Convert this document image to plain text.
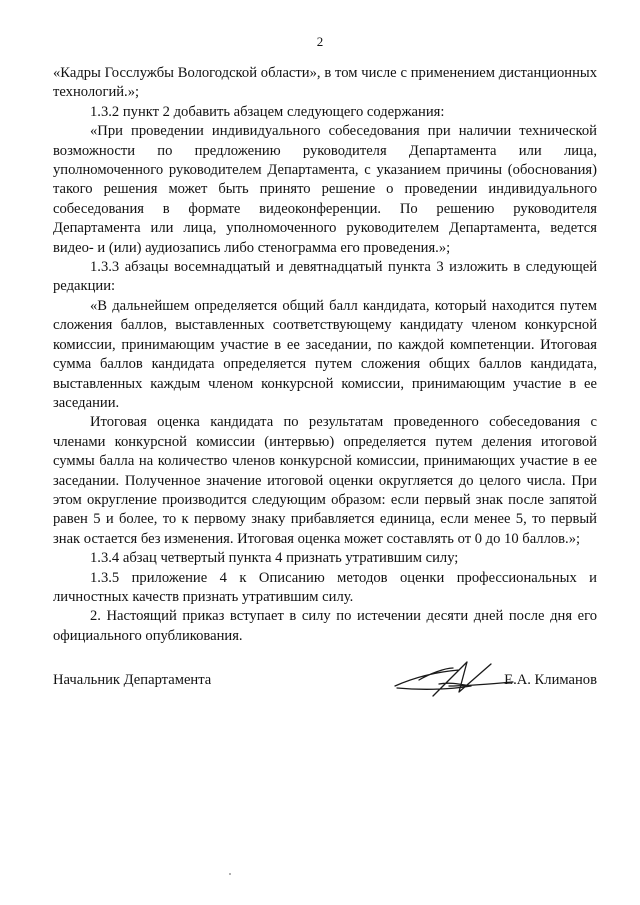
2

«Кадры Госслужбы Вологодской области», в том числе с применением дистанционных технологий.»;

1.3.2 пункт 2 добавить абзацем следующего содержания:

«При проведении индивидуального собеседования при наличии технической возможности по предложению руководителя Департамента или лица, уполномоченного руководителем Департамента, с указанием причины (обоснования) такого решения может быть принято решение о проведении индивидуального собеседования в формате видеоконференции. По решению руководителя Департамента или лица, уполномоченного руководителем Департамента, ведется видео- и (или) аудиозапись либо стенограмма его проведения.»;

1.3.3 абзацы восемнадцатый и девятнадцатый пункта 3 изложить в следующей редакции:

«В дальнейшем определяется общий балл кандидата, который находится путем сложения баллов, выставленных соответствующему кандидату членом конкурсной комиссии, принимающим участие в ее заседании, по каждой компетенции. Итоговая сумма баллов кандидата определяется путем сложения общих баллов кандидата, выставленных каждым членом конкурсной комиссии, принимающим участие в ее заседании.

Итоговая оценка кандидата по результатам проведенного собеседования с членами конкурсной комиссии (интервью) определяется путем деления итоговой суммы балла на количество членов конкурсной комиссии, принимающих участие в ее заседании. Полученное значение итоговой оценки округляется до целого числа. При этом округление производится следующим образом: если первый знак после запятой равен 5 и более, то к первому знаку прибавляется единица, если менее 5, то первый знак остается без изменения. Итоговая оценка может составлять от 0 до 10 баллов.»;

1.3.4 абзац четвертый пункта 4 признать утратившим силу;

1.3.5 приложение 4 к Описанию методов оценки профессиональных и личностных качеств признать утратившим силу.

2. Настоящий приказ вступает в силу по истечении десяти дней после дня его официального опубликования.

Начальник Департамента	Е.А. Климанов
